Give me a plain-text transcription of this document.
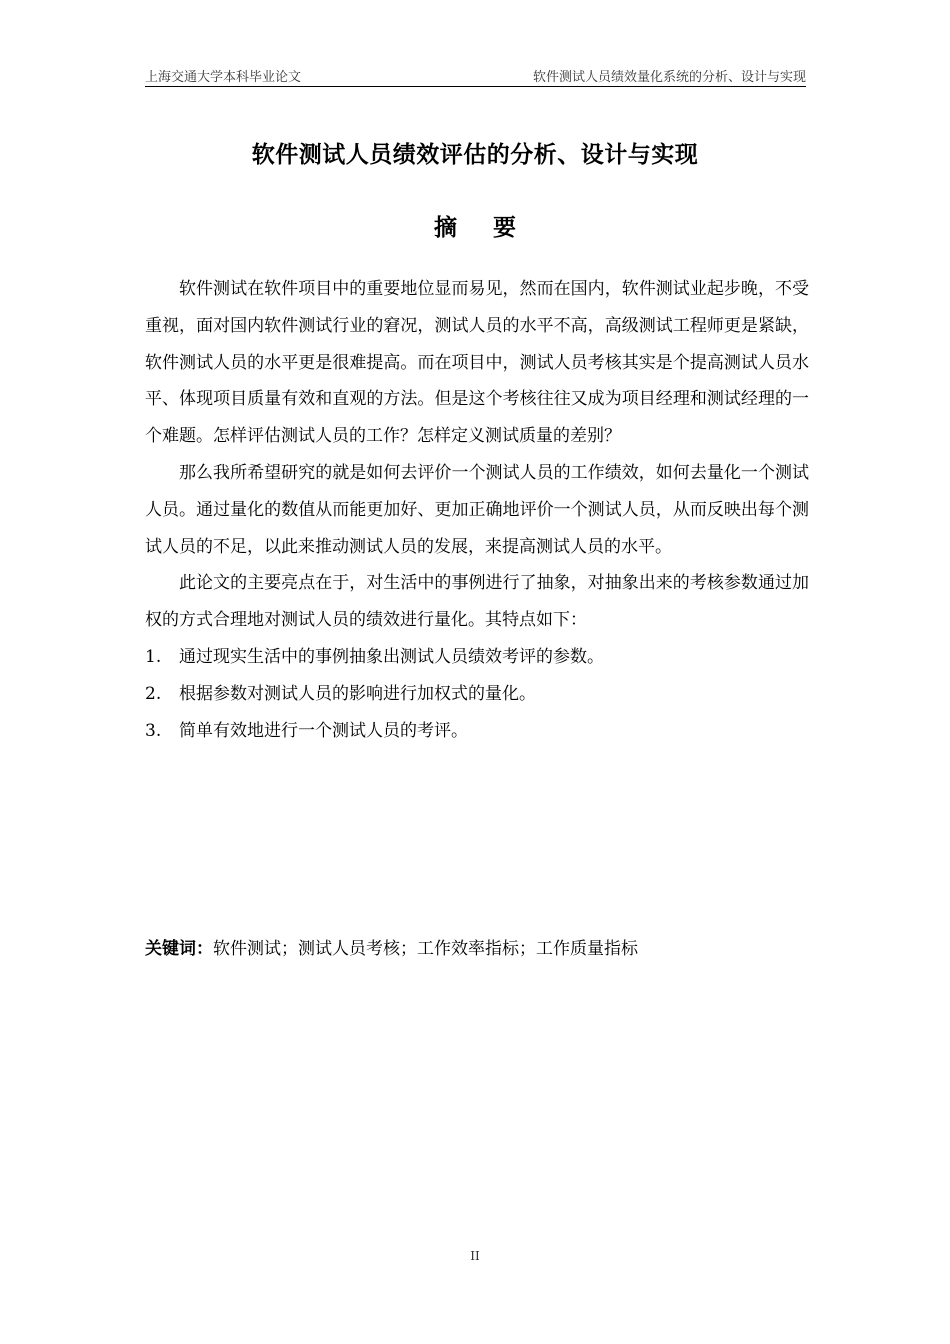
上海交通大学本科毕业论文	软件测试人员绩效量化系统的分析、设计与实现
软件测试人员绩效评估的分析、设计与实现
摘 要

软件测试在软件项目中的重要地位显而易见，然而在国内，软件测试业起步晚，不受重视，面对国内软件测试行业的窘况，测试人员的水平不高，高级测试工程师更是紧缺，软件测试人员的水平更是很难提高。而在项目中，测试人员考核其实是个提高测试人员水平、体现项目质量有效和直观的方法。但是这个考核往往又成为项目经理和测试经理的一个难题。怎样评估测试人员的工作？怎样定义测试质量的差别？

那么我所希望研究的就是如何去评价一个测试人员的工作绩效，如何去量化一个测试人员。通过量化的数值从而能更加好、更加正确地评价一个测试人员，从而反映出每个测试人员的不足，以此来推动测试人员的发展，来提高测试人员的水平。

此论文的主要亮点在于，对生活中的事例进行了抽象，对抽象出来的考核参数通过加权的方式合理地对测试人员的绩效进行量化。其特点如下：

1. 通过现实生活中的事例抽象出测试人员绩效考评的参数。
2. 根据参数对测试人员的影响进行加权式的量化。
3. 简单有效地进行一个测试人员的考评。
关键词：软件测试；测试人员考核；工作效率指标；工作质量指标
II
